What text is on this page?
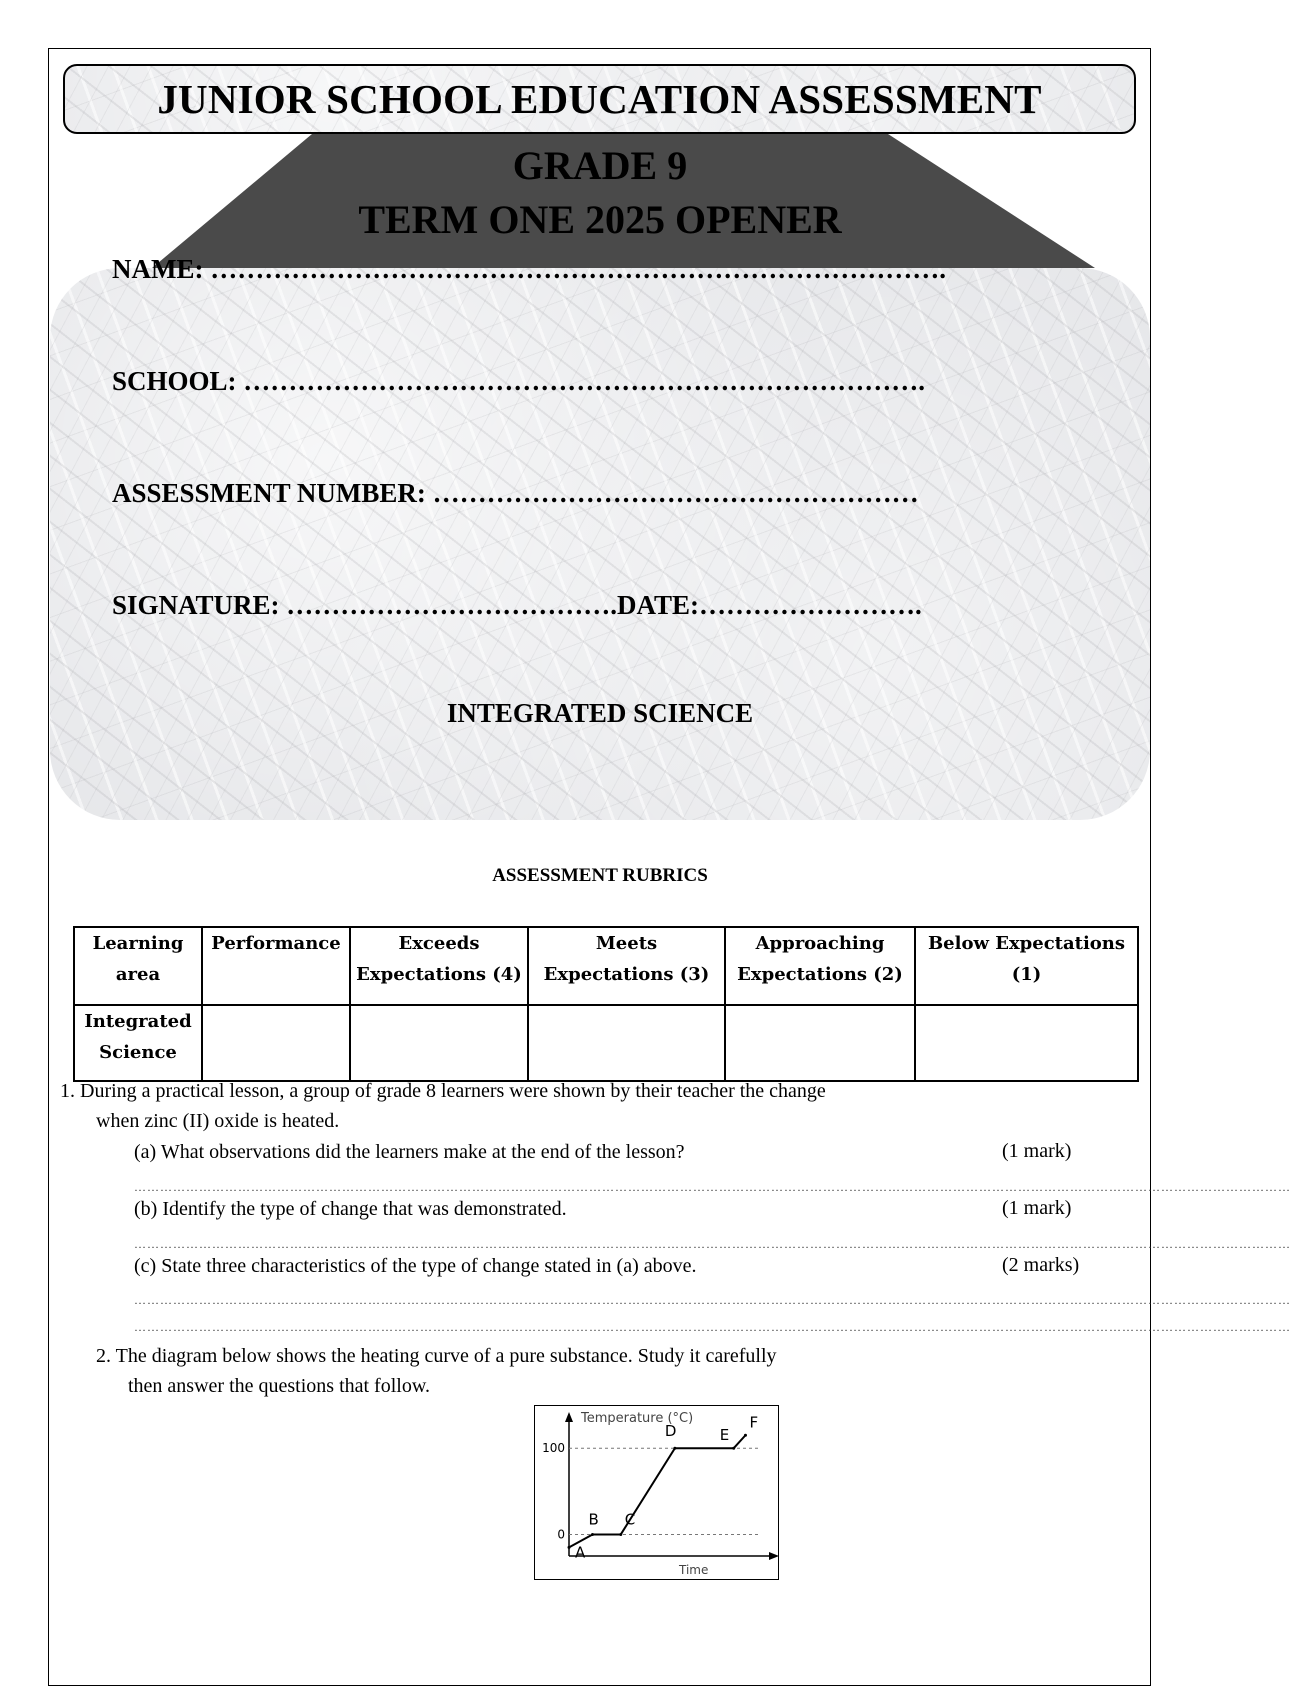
JUNIOR SCHOOL EDUCATION ASSESSMENT
GRADE 9
TERM ONE 2025 OPENER
NAME: ……………………………………………………………………….
SCHOOL: ………………………………………………………………….
ASSESSMENT NUMBER: ………………………………………………
SIGNATURE: ……………………………….DATE:…………………….
INTEGRATED SCIENCE
ASSESSMENT RUBRICS
Learning area	Performance	Exceeds Expectations (4)	Meets Expectations (3)	Approaching Expectations (2)	Below Expectations (1)
Integrated Science					
1. During a practical lesson, a group of grade 8 learners were shown by their teacher the change
when zinc (II) oxide is heated.
(a) What observations did the learners make at the end of the lesson?	(1 mark)
……………………………………………………………………………………………………………………………………………………………………………………………………………………………………………
(b) Identify the type of change that was demonstrated.	(1 mark)
……………………………………………………………………………………………………………………………………………………………………………………………………………………………………………
(c) State three characteristics of the type of change stated in (a) above.	(2 marks)
……………………………………………………………………………………………………………………………………………………………………………………………………………………………………………
……………………………………………………………………………………………………………………………………………………………………………………………………………………………………………
2. The diagram below shows the heating curve of a pure substance. Study it carefully
then answer the questions that follow.
Temperature (°C)
Time
0
100
A
B C
D	E
F
